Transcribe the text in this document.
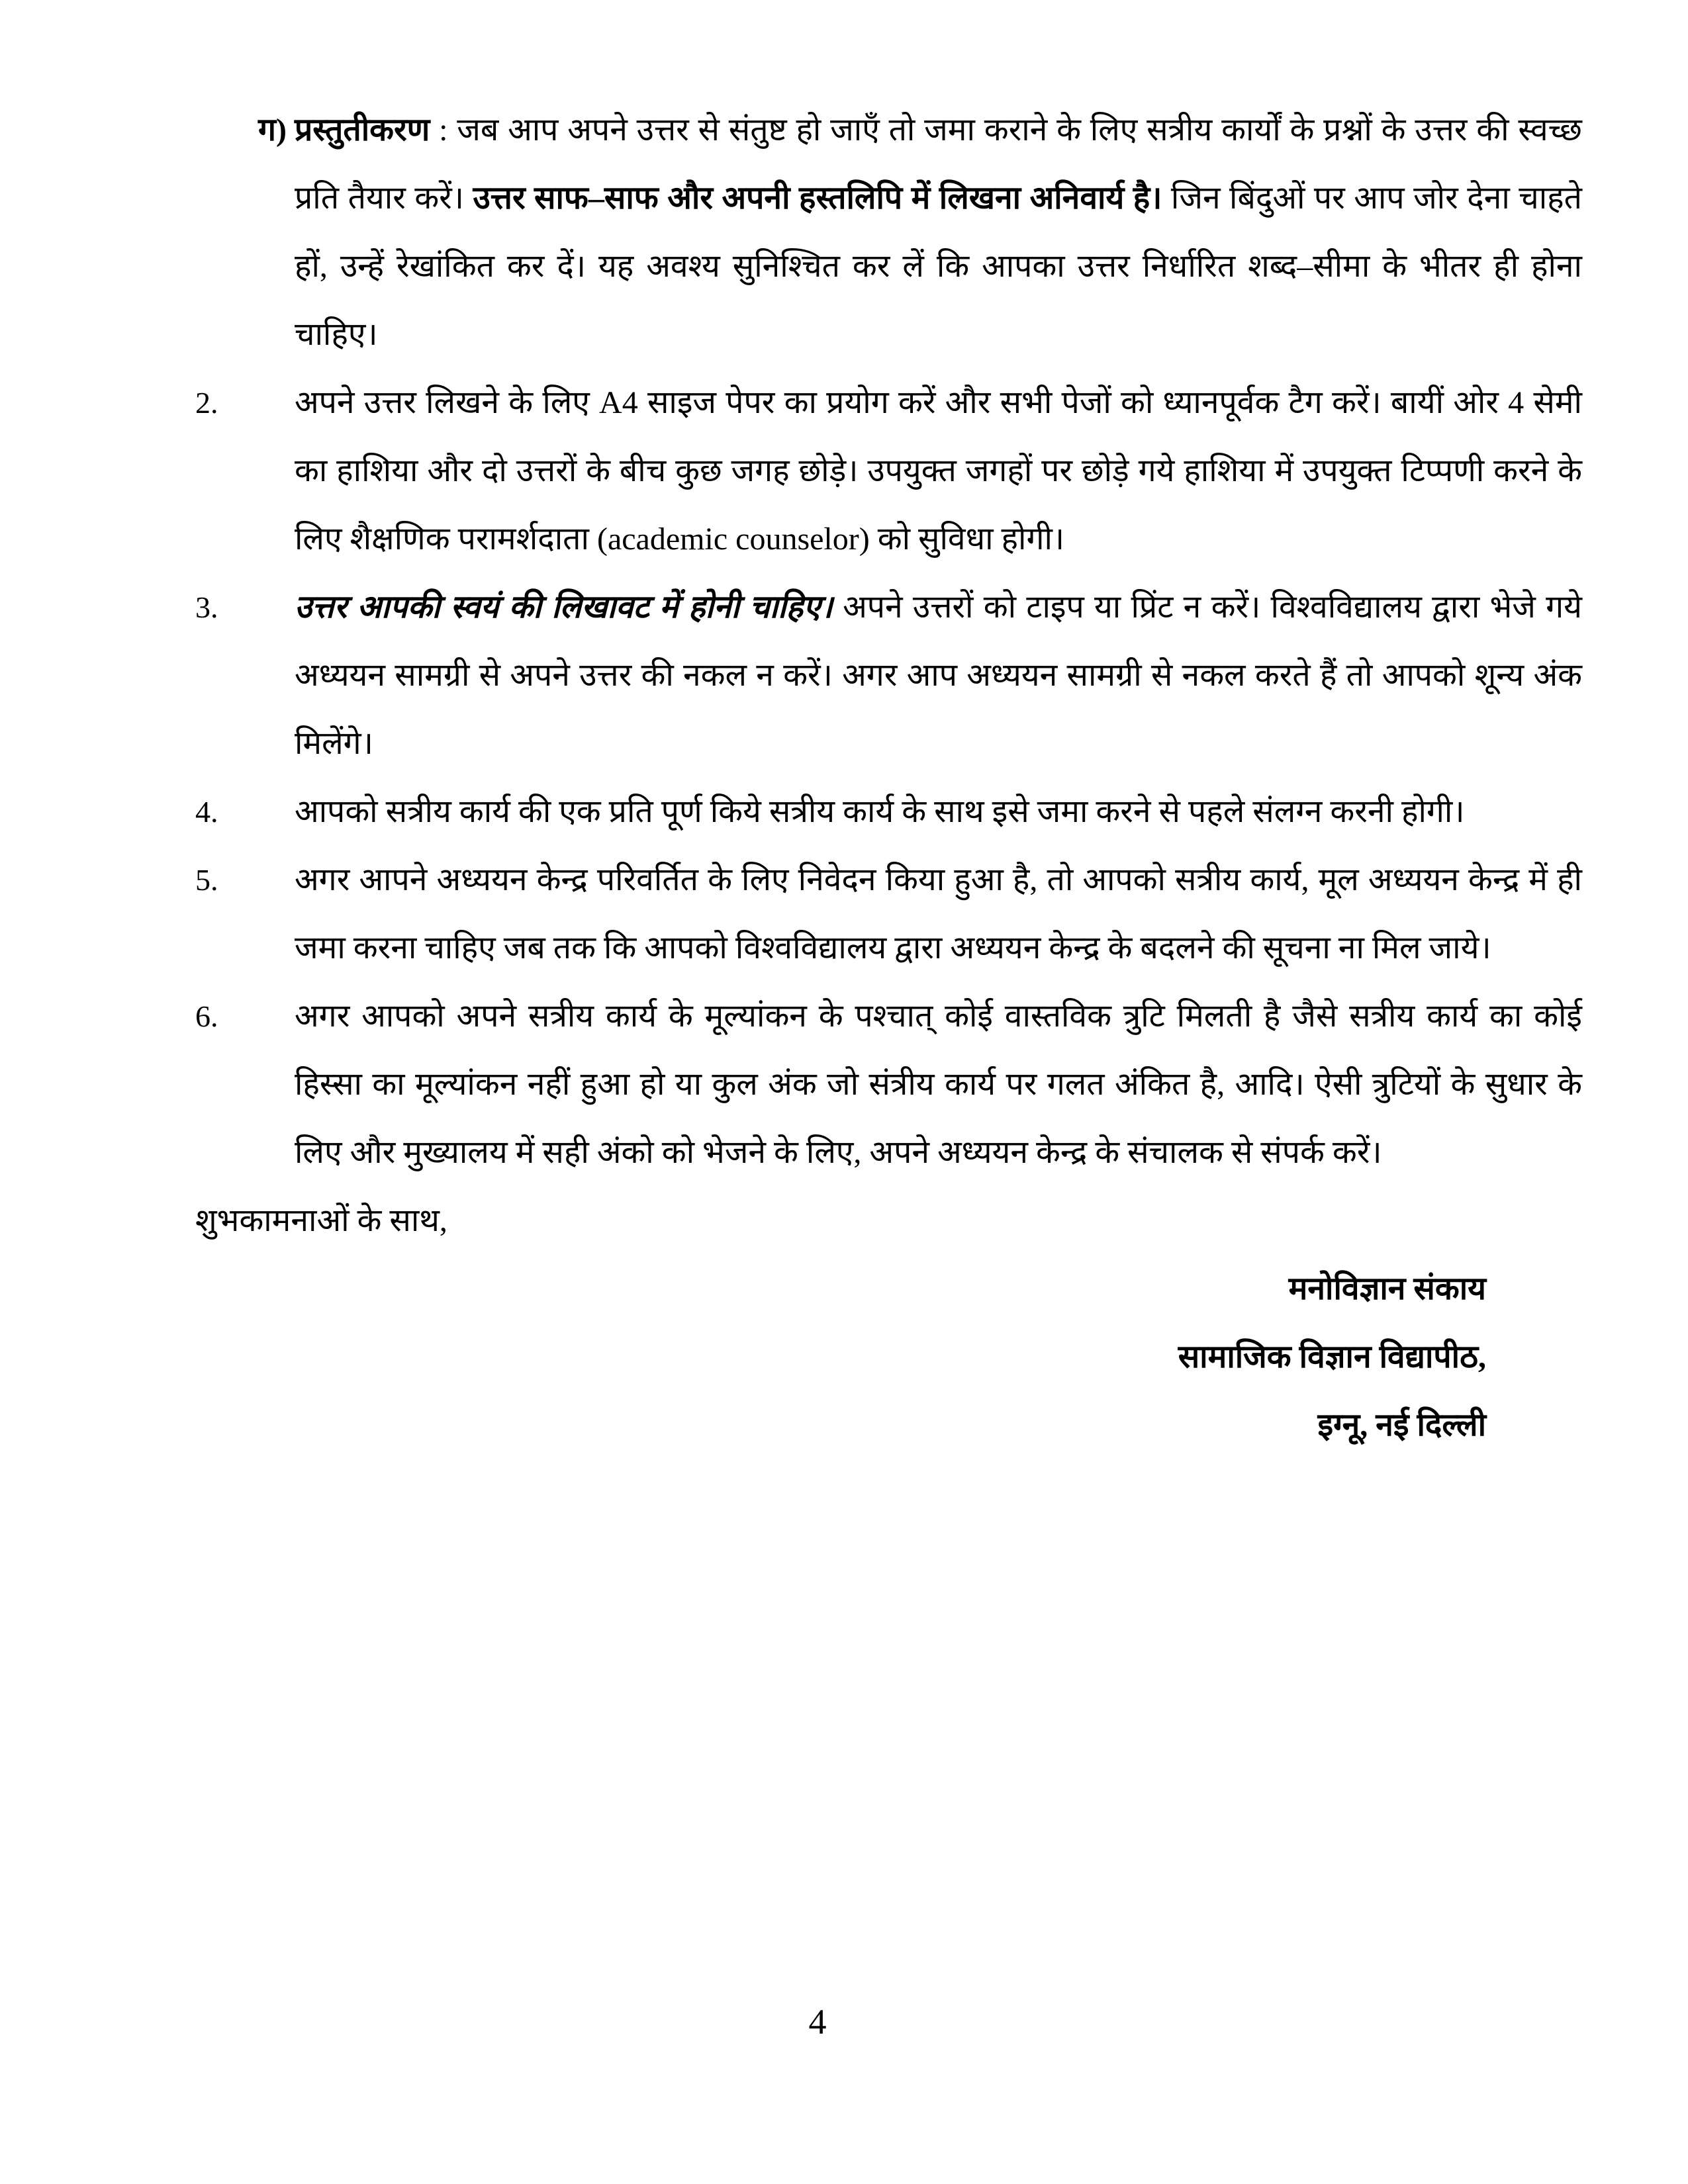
ग) प्रस्तुतीकरण : जब आप अपने उत्तर से संतुष्ट हो जाएँ तो जमा कराने के लिए सत्रीय कार्यों के प्रश्नों के उत्तर की स्वच्छ प्रति तैयार करें। उत्तर साफ–साफ और अपनी हस्तलिपि में लिखना अनिवार्य है। जिन बिंदुओं पर आप जोर देना चाहते हों, उन्हें रेखांकित कर दें। यह अवश्य सुनिश्चित कर लें कि आपका उत्तर निर्धारित शब्द–सीमा के भीतर ही होना चाहिए।

2. अपने उत्तर लिखने के लिए A4 साइज पेपर का प्रयोग करें और सभी पेजों को ध्यानपूर्वक टैग करें। बायीं ओर 4 सेमी का हाशिया और दो उत्तरों के बीच कुछ जगह छोड़े। उपयुक्त जगहों पर छोड़े गये हाशिया में उपयुक्त टिप्पणी करने के लिए शैक्षणिक परामर्शदाता (academic counselor) को सुविधा होगी।

3. उत्तर आपकी स्वयं की लिखावट में होनी चाहिए। अपने उत्तरों को टाइप या प्रिंट न करें। विश्वविद्यालय द्वारा भेजे गये अध्ययन सामग्री से अपने उत्तर की नकल न करें। अगर आप अध्ययन सामग्री से नकल करते हैं तो आपको शून्य अंक मिलेंगे।

4. आपको सत्रीय कार्य की एक प्रति पूर्ण किये सत्रीय कार्य के साथ इसे जमा करने से पहले संलग्न करनी होगी।

5. अगर आपने अध्ययन केन्द्र परिवर्तित के लिए निवेदन किया हुआ है, तो आपको सत्रीय कार्य, मूल अध्ययन केन्द्र में ही जमा करना चाहिए जब तक कि आपको विश्वविद्यालय द्वारा अध्ययन केन्द्र के बदलने की सूचना ना मिल जाये।

6. अगर आपको अपने सत्रीय कार्य के मूल्यांकन के पश्चात् कोई वास्तविक त्रुटि मिलती है जैसे सत्रीय कार्य का कोई हिस्सा का मूल्यांकन नहीं हुआ हो या कुल अंक जो संत्रीय कार्य पर गलत अंकित है, आदि। ऐसी त्रुटियों के सुधार के लिए और मुख्यालय में सही अंको को भेजने के लिए, अपने अध्ययन केन्द्र के संचालक से संपर्क करें।

शुभकामनाओं के साथ,

मनोविज्ञान संकाय
सामाजिक विज्ञान विद्यापीठ,
इग्नू, नई दिल्ली
4
